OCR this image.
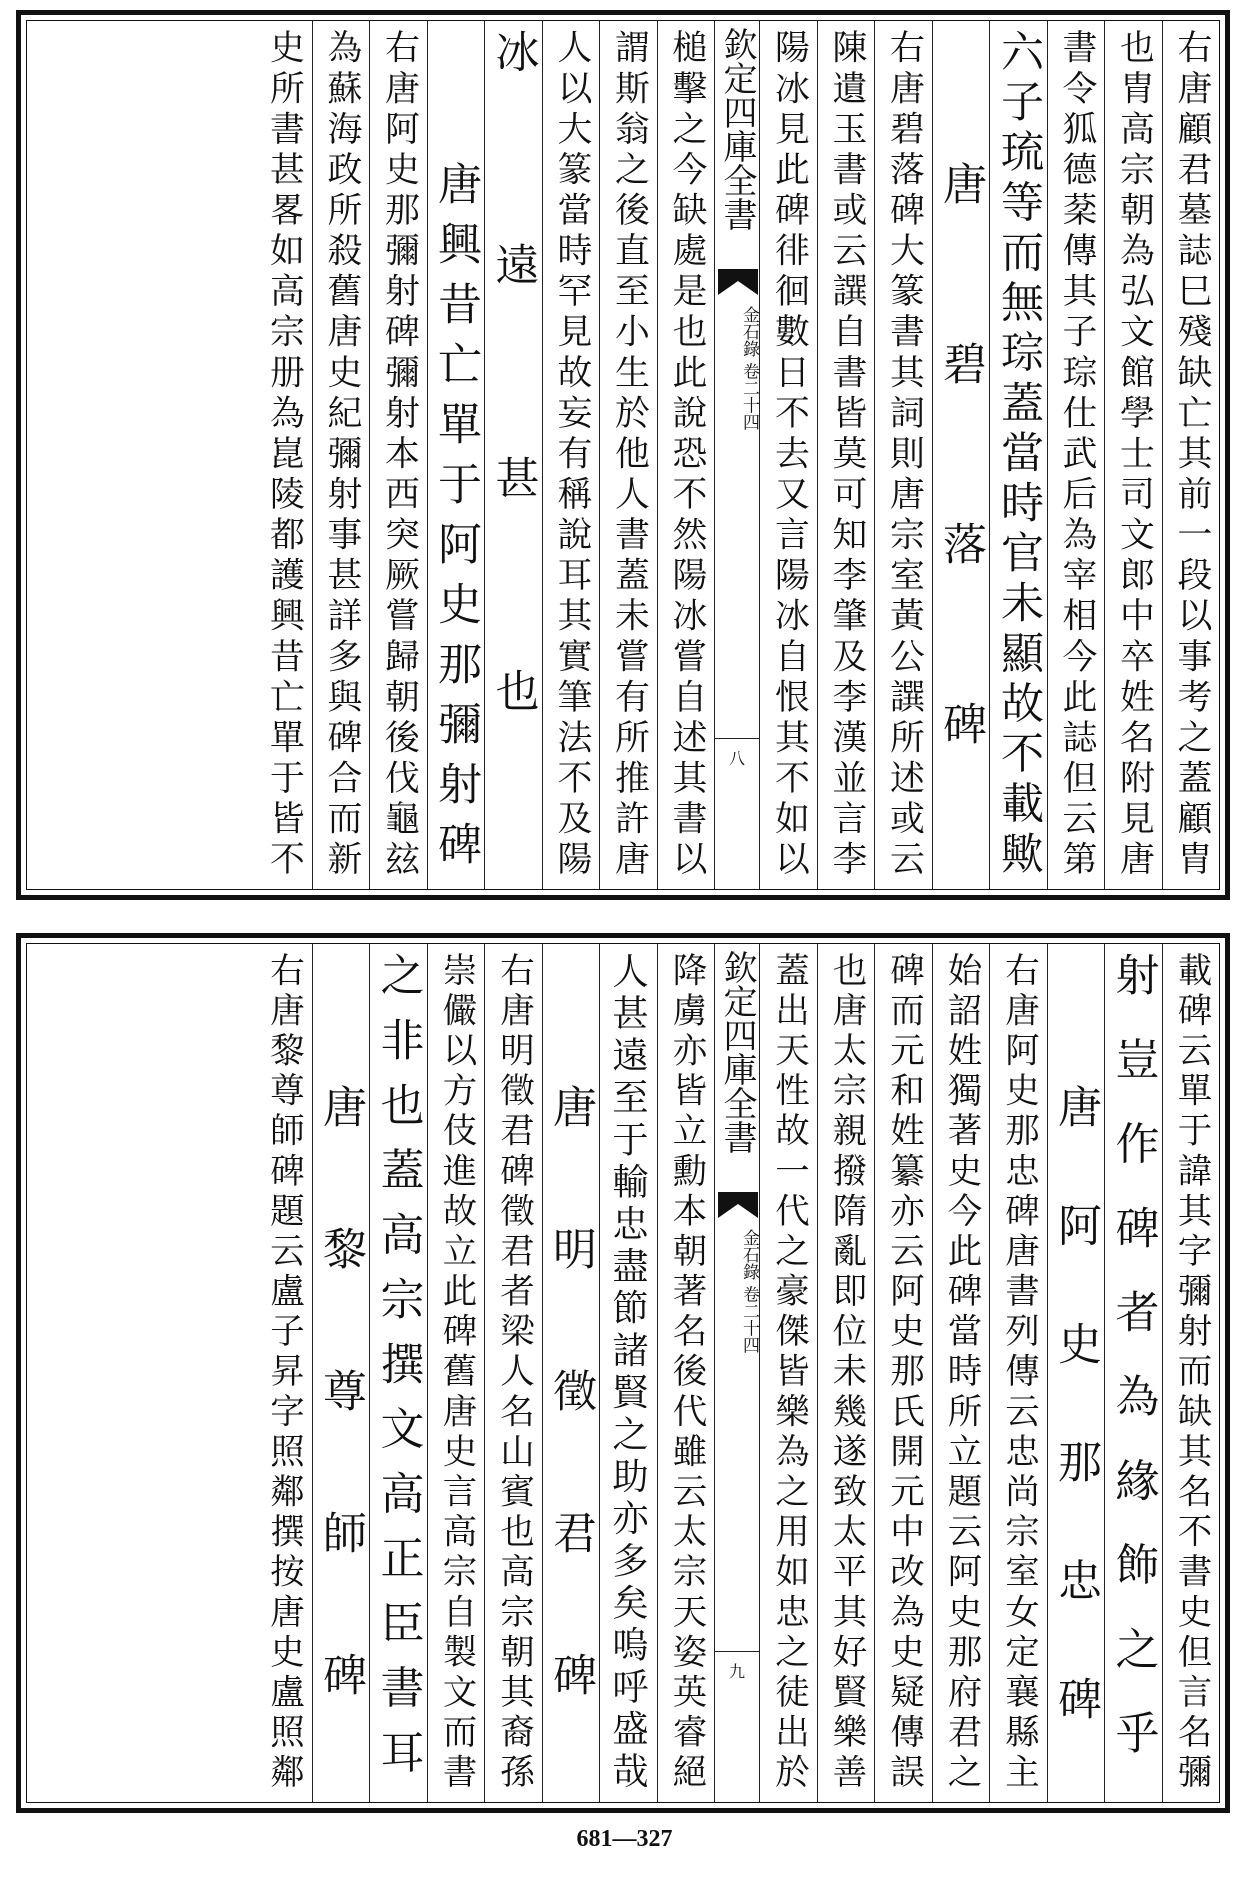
右唐顧君墓誌巳殘缺亡其前一段以事考之蓋顧胄
也胄高宗朝為弘文館學士司文郎中卒姓名附見唐
書令狐德棻傳其子琮仕武后為宰相今此誌但云第
六子琉等而無琮蓋當時官未顯故不載歟
唐碧落碑
右唐碧落碑大篆書其詞則唐宗室黃公譔所述或云
陳遺玉書或云譔自書皆莫可知李肇及李漢並言李
陽冰見此碑徘徊數日不去又言陽冰自恨其不如以
欽定四庫全書
金石錄 卷二十四
八
槌擊之今缺處是也此說恐不然陽冰嘗自述其書以
謂斯翁之後直至小生於他人書蓋未嘗有所推許唐
人以大篆當時罕見故妄有稱說耳其實筆法不及陽
冰遠甚也
唐興昔亡單于阿史那彌射碑
右唐阿史那彌射碑彌射本西突厥嘗歸朝後伐龜玆
為蘇海政所殺舊唐史紀彌射事甚詳多與碑合而新
史所書甚畧如高宗册為崑陵都護興昔亡單于皆不
載碑云單于諱其字彌射而缺其名不書史但言名彌
射豈作碑者為緣飾之乎
唐阿史那忠碑
右唐阿史那忠碑唐書列傳云忠尚宗室女定襄縣主
始詔姓獨著史今此碑當時所立題云阿史那府君之
碑而元和姓纂亦云阿史那氏開元中改為史疑傳誤
也唐太宗親撥隋亂即位未幾遂致太平其好賢樂善
蓋出天性故一代之豪傑皆樂為之用如忠之徒出於
欽定四庫全書
金石錄 卷二十四
九
降虜亦皆立勳本朝著名後代雖云太宗天姿英睿絕
人甚遠至于輸忠盡節諸賢之助亦多矣嗚呼盛哉
唐明徵君碑
右唐明徵君碑徵君者梁人名山賓也高宗朝其裔孫
崇儼以方伎進故立此碑舊唐史言高宗自製文而書
之非也蓋高宗撰文高正臣書耳
唐黎尊師碑
右唐黎尊師碑題云盧子昇字照鄰撰按唐史盧照鄰
681—327
